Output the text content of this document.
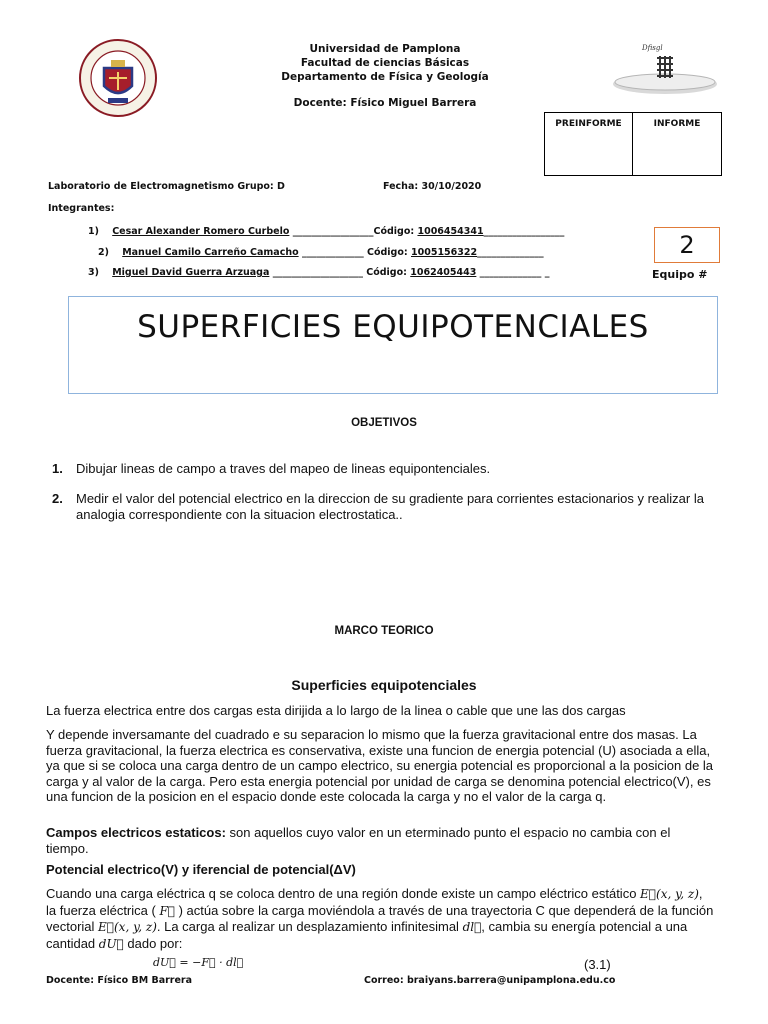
Universidad de Pamplona
Facultad de ciencias Básicas
Departamento de Física y Geología
Docente: Físico Miguel Barrera
Dfisgl
PREINFORME	INFORME
Laboratorio de Electromagnetismo Grupo: D	Fecha: 30/10/2020
Integrantes:
1) Cesar Alexander Romero Curbelo _________________Código: 1006454341_________________
2) Manuel Camilo Carreño Camacho _____________ Código: 1005156322______________
3) Miguel David Guerra Arzuaga ___________________ Código: 1062405443 _____________ _
2
Equipo #
SUPERFICIES EQUIPOTENCIALES
OBJETIVOS
1. Dibujar lineas de campo a traves del mapeo de lineas equipontenciales.
2.	Medir el valor del potencial electrico en la direccion de su gradiente para corrientes estacionarios y realizar la analogia correspondiente con la situacion electrostatica..
MARCO TEORICO
Superficies equipotenciales
La fuerza electrica entre dos cargas esta dirijida a lo largo de la linea o cable que une las dos cargas
Y depende inversamante del cuadrado e su separacion lo mismo que la fuerza gravitacional entre dos masas. La fuerza gravitacional, la fuerza electrica es conservativa, existe una funcion de energia potencial (U) asociada a ella, ya que si se coloca una carga dentro de un campo electrico, su energia potencial es proporcional a la posicion de la carga y al valor de la carga. Pero esta energia potencial por unidad de carga se denomina potencial electrico(V), es una funcion de la posicion en el espacio donde este colocada la carga y no el valor de la carga q.
Campos electricos estaticos: son aquellos cuyo valor en un eterminado punto el espacio no cambia con el tiempo.
Potencial electrico(V) y iferencial de potencial(ΔV)
Cuando una carga eléctrica q se coloca dentro de una región donde existe un campo eléctrico estático E⃗(x, y, z), la fuerza eléctrica ( F⃗ ) actúa sobre la carga moviéndola a través de una trayectoria C que dependerá de la función vectorial E⃗(x, y, z). La carga al realizar un desplazamiento infinitesimal dl⃗, cambia su energía potencial a una cantidad dU⃗ dado por:
dU⃗ = −F⃗ · dl⃗	(3.1)
Docente: Físico BM Barrera	Correo: braiyans.barrera@unipamplona.edu.co
